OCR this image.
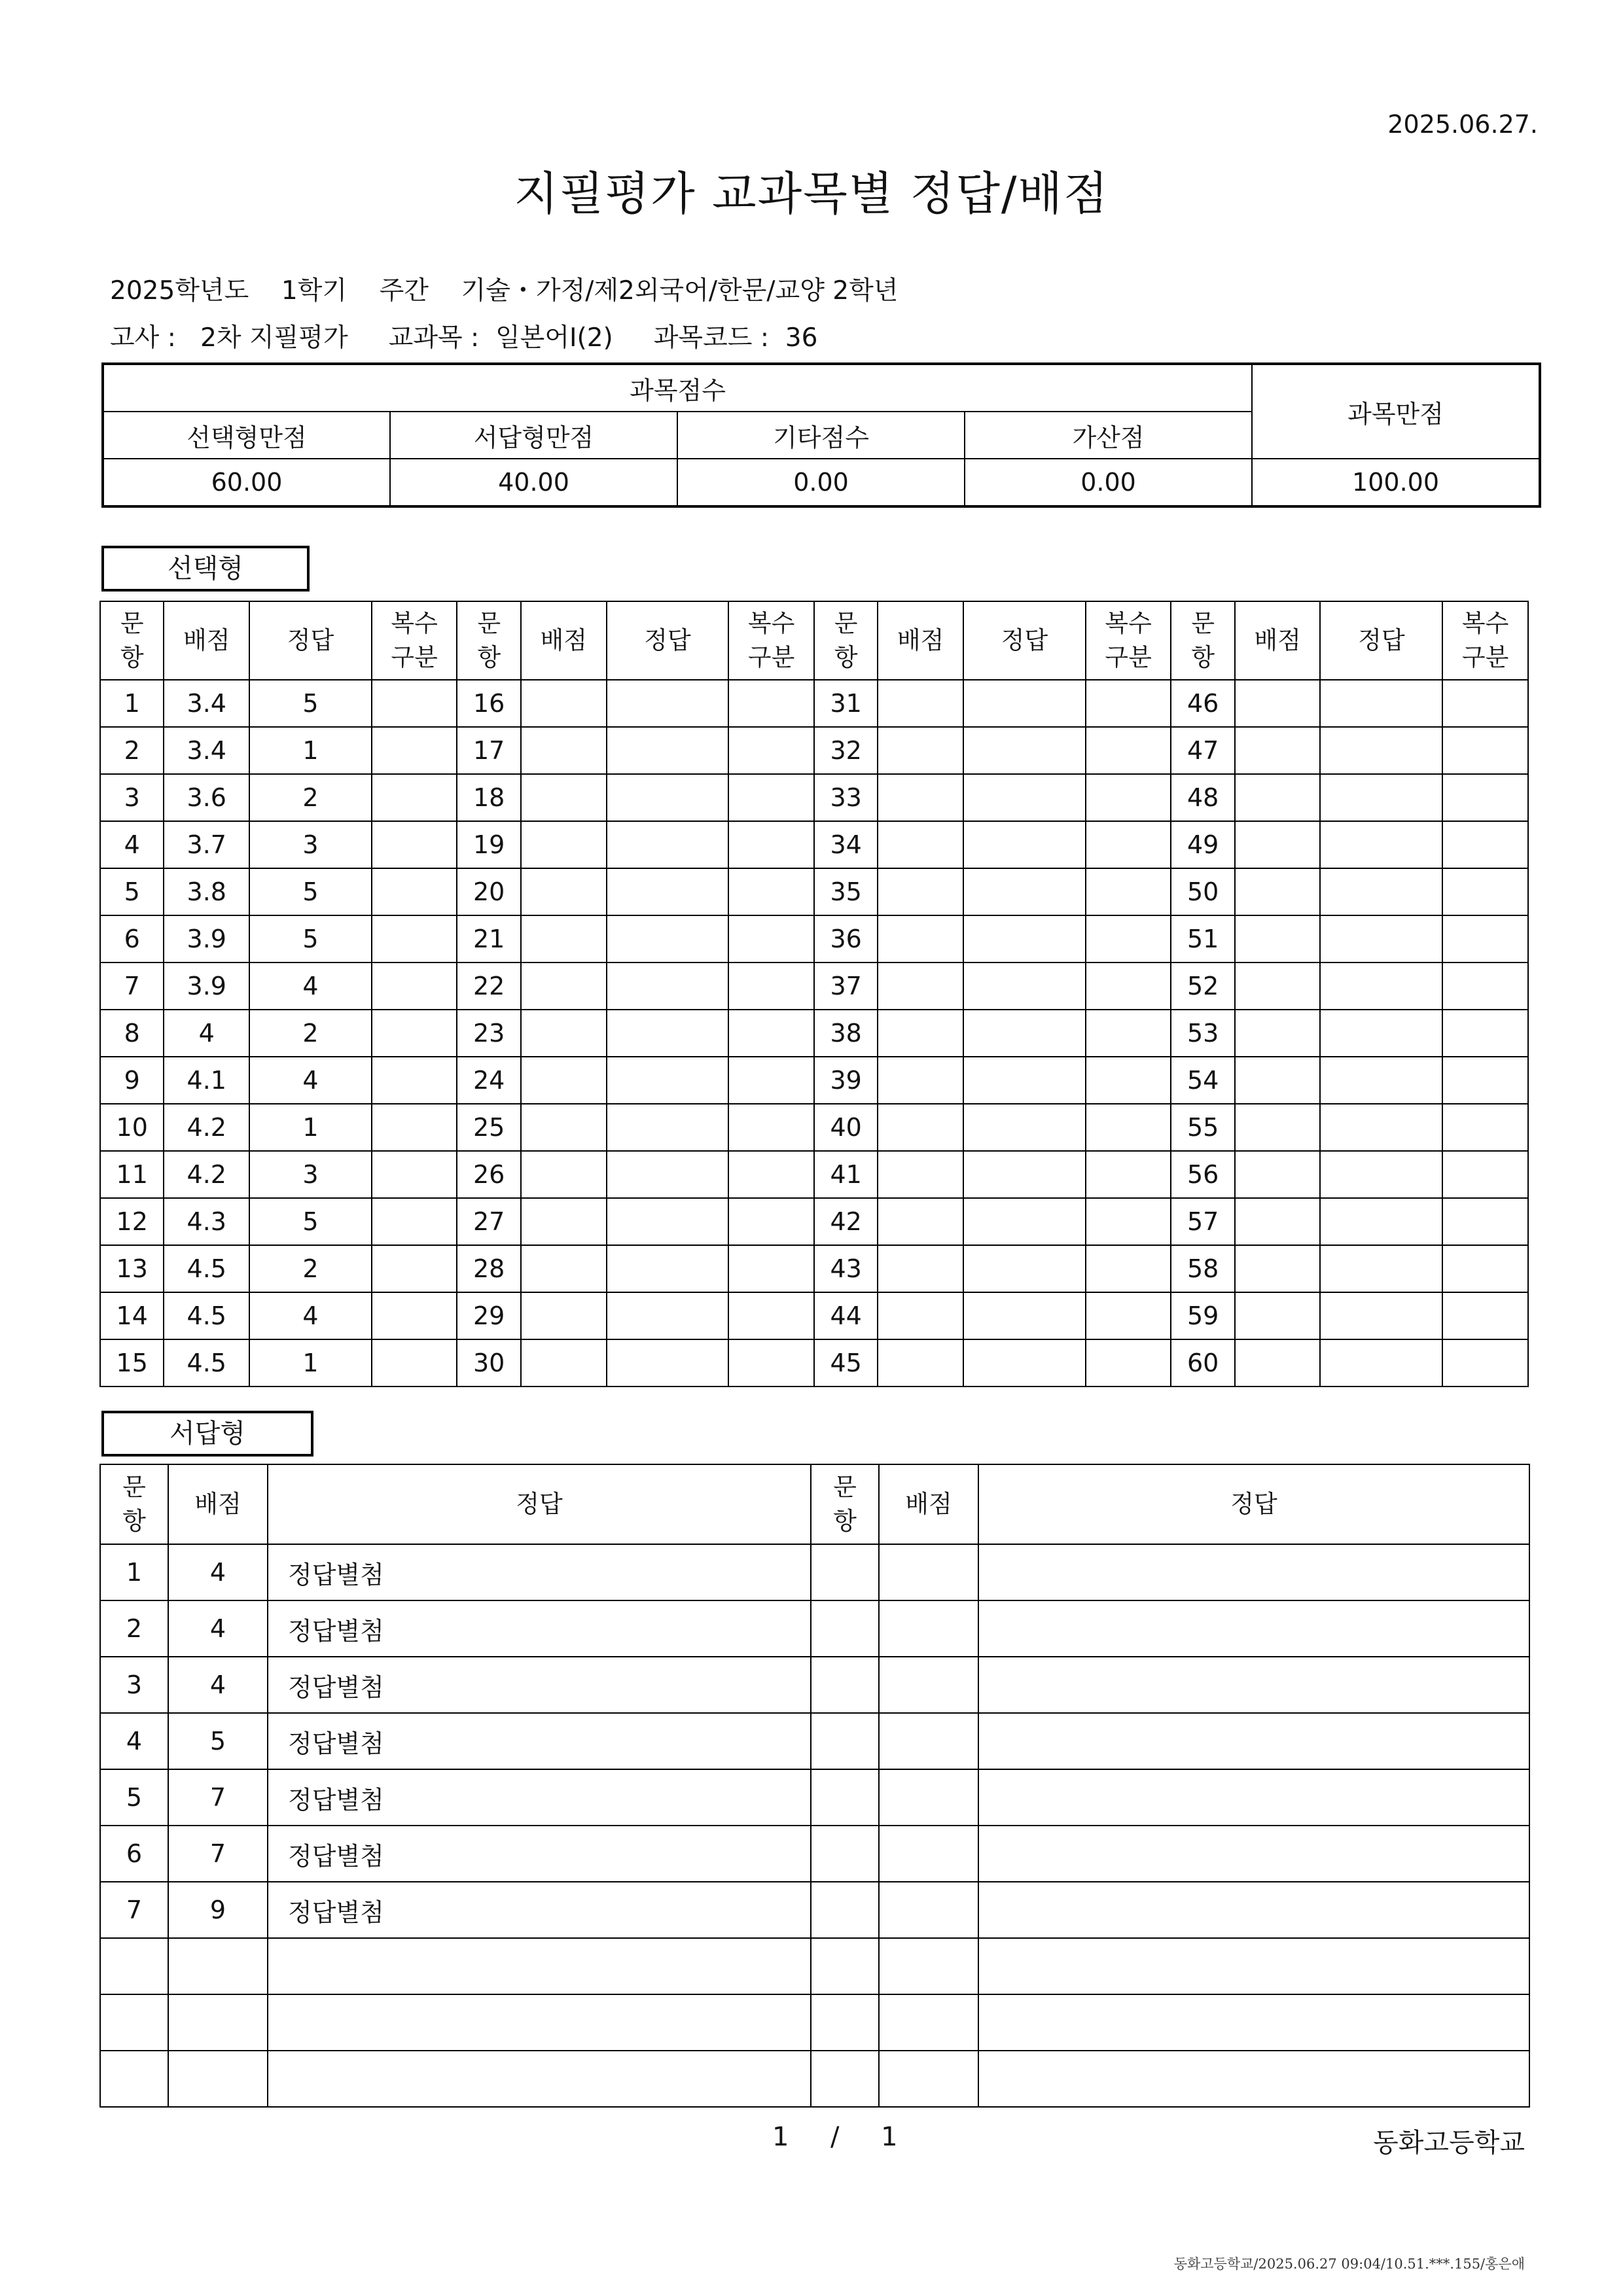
2025.06.27.
지필평가 교과목별 정답/배점
2025학년도    1학기    주간    기술・가정/제2외국어/한문/교양 2학년
고사 :   2차 지필평가     교과목 :  일본어Ⅰ(2)     과목코드 :  36
과목점수				과목만점
선택형만점	서답형만점	기타점수	가산점	
60.00	40.00	0.00	0.00	100.00
선택형
문
항	배점	정답	복수
구분	문
항	배점	정답	복수
구분	문
항	배점	정답	복수
구분	문
항	배점	정답	복수
구분
1	3.4	5		16				31				46			
2	3.4	1		17				32				47			
3	3.6	2		18				33				48			
4	3.7	3		19				34				49			
5	3.8	5		20				35				50			
6	3.9	5		21				36				51			
7	3.9	4		22				37				52			
8	4	2		23				38				53			
9	4.1	4		24				39				54			
10	4.2	1		25				40				55			
11	4.2	3		26				41				56			
12	4.3	5		27				42				57			
13	4.5	2		28				43				58			
14	4.5	4		29				44				59			
15	4.5	1		30				45				60			
서답형
문
항	배점	정답	문
항	배점	정답
1	4	정답별첨			
2	4	정답별첨			
3	4	정답별첨			
4	5	정답별첨			
5	7	정답별첨			
6	7	정답별첨			
7	9	정답별첨			

1     /     1	동화고등학교
동화고등학교/2025.06.27 09:04/10.51.***.155/홍은애
